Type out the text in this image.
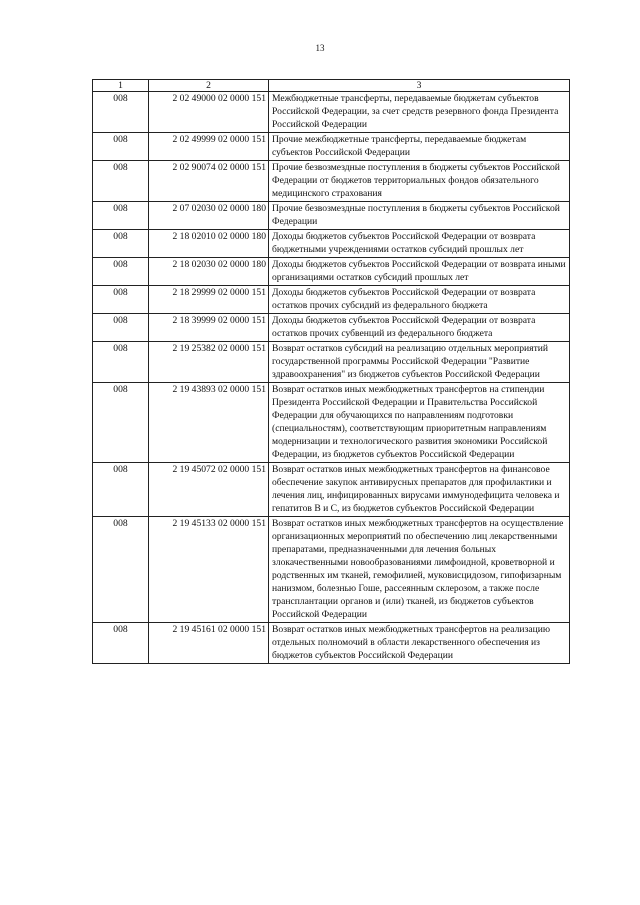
13
1	2	3
008	2 02 49000 02 0000 151	Межбюджетные трансферты, передаваемые бюджетам субъектов Российской Федерации, за счет средств резервного фонда Президента Российской Федерации
008	2 02 49999 02 0000 151	Прочие межбюджетные трансферты, передаваемые бюджетам субъектов Российской Федерации
008	2 02 90074 02 0000 151	Прочие безвозмездные поступления в бюджеты субъектов Российской Федерации от бюджетов территориальных фондов обязательного медицинского страхования
008	2 07 02030 02 0000 180	Прочие безвозмездные поступления в бюджеты субъектов Российской Федерации
008	2 18 02010 02 0000 180	Доходы бюджетов субъектов Российской Федерации от возврата бюджетными учреждениями остатков субсидий прошлых лет
008	2 18 02030 02 0000 180	Доходы бюджетов субъектов Российской Федерации от возврата иными организациями остатков субсидий прошлых лет
008	2 18 29999 02 0000 151	Доходы бюджетов субъектов Российской Федерации от возврата остатков прочих субсидий из федерального бюджета
008	2 18 39999 02 0000 151	Доходы бюджетов субъектов Российской Федерации от возврата остатков прочих субвенций из федерального бюджета
008	2 19 25382 02 0000 151	Возврат остатков субсидий на реализацию отдельных мероприятий государственной программы Российской Федерации "Развитие здравоохранения" из бюджетов субъектов Российской Федерации
008	2 19 43893 02 0000 151	Возврат остатков иных межбюджетных трансфертов на стипендии Президента Российской Федерации и Правительства Российской Федерации для обучающихся по направлениям подготовки (специальностям), соответствующим приоритетным направлениям модернизации и технологического развития экономики Российской Федерации, из бюджетов субъектов Российской Федерации
008	2 19 45072 02 0000 151	Возврат остатков иных межбюджетных трансфертов на финансовое обеспечение закупок антивирусных препаратов для профилактики и лечения лиц, инфицированных вирусами иммунодефицита человека и гепатитов B и C, из бюджетов субъектов Российской Федерации
008	2 19 45133 02 0000 151	Возврат остатков иных межбюджетных трансфертов на осуществление организационных мероприятий по обеспечению лиц лекарственными препаратами, предназначенными для лечения больных злокачественными новообразованиями лимфоидной, кроветворной и родственных им тканей, гемофилией, муковисцидозом, гипофизарным нанизмом, болезнью Гоше, рассеянным склерозом, а также после трансплантации органов и (или) тканей, из бюджетов субъектов Российской Федерации
008	2 19 45161 02 0000 151	Возврат остатков иных межбюджетных трансфертов на реализацию отдельных полномочий в области лекарственного обеспечения из бюджетов субъектов Российской Федерации
